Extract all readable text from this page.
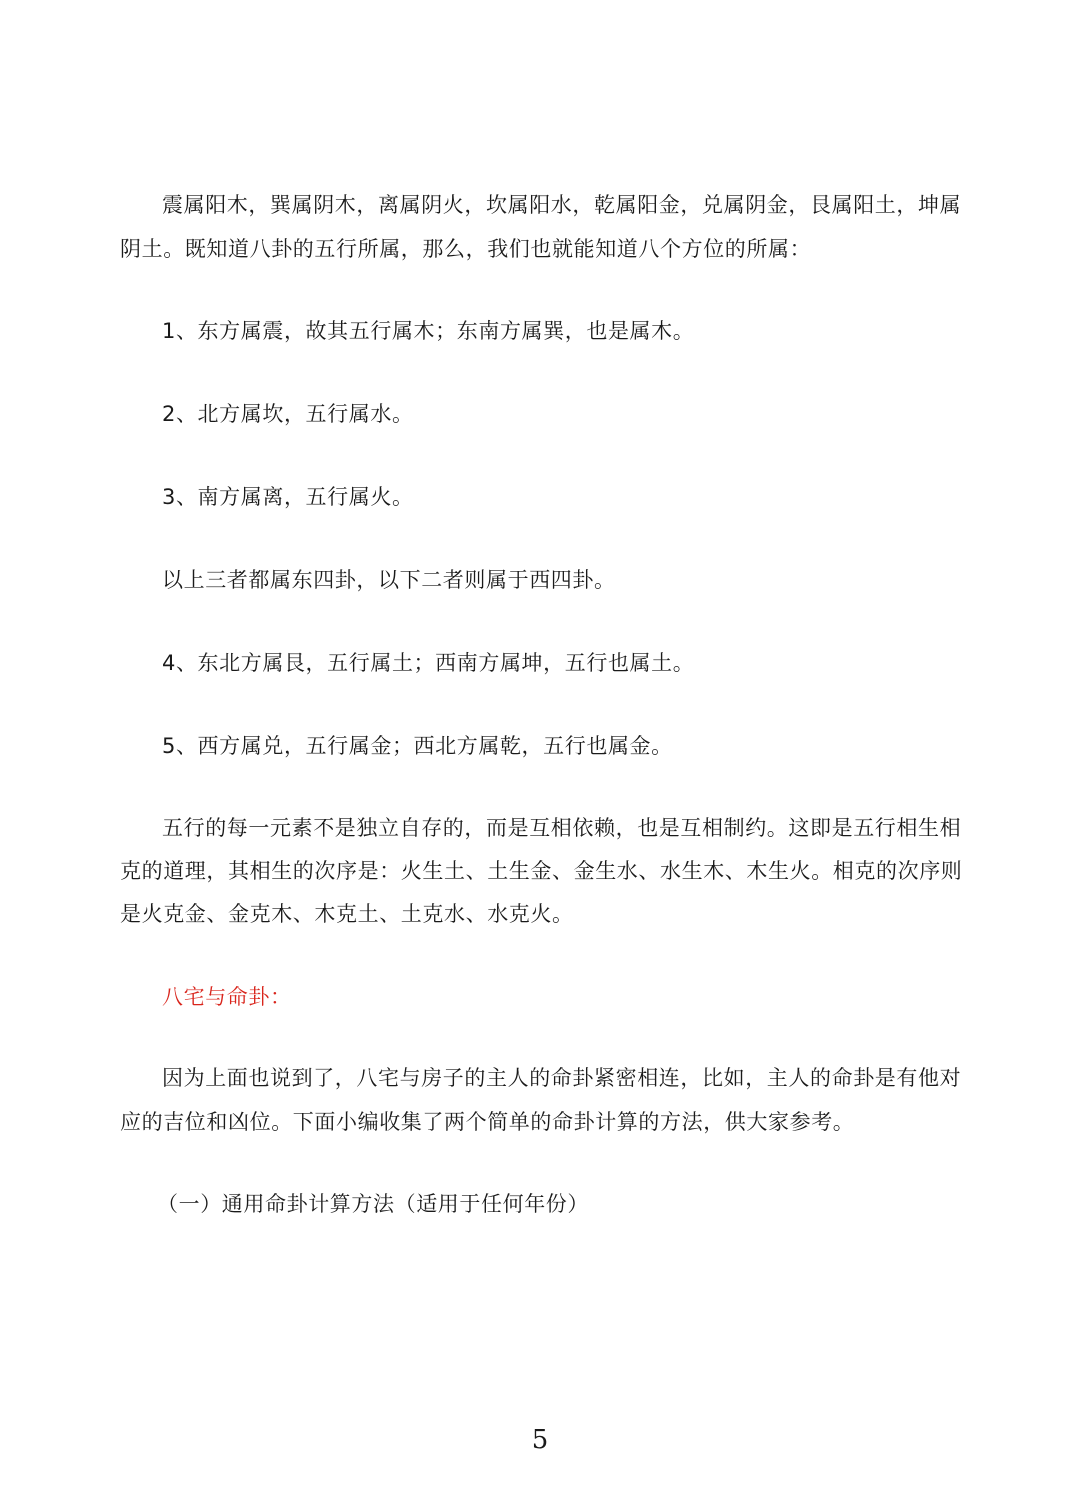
震属阳木，巽属阴木，离属阴火，坎属阳水，乾属阳金，兑属阴金，艮属阳土，坤属
阴土。既知道八卦的五行所属，那么，我们也就能知道八个方位的所属：
1、东方属震，故其五行属木；东南方属巽，也是属木。
2、北方属坎，五行属水。
3、南方属离，五行属火。
以上三者都属东四卦，以下二者则属于西四卦。
4、东北方属艮，五行属土；西南方属坤，五行也属土。
5、西方属兑，五行属金；西北方属乾，五行也属金。
五行的每一元素不是独立自存的，而是互相依赖，也是互相制约。这即是五行相生相
克的道理，其相生的次序是：火生土、土生金、金生水、水生木、木生火。相克的次序则
是火克金、金克木、木克土、土克水、水克火。
八宅与命卦：
因为上面也说到了，八宅与房子的主人的命卦紧密相连，比如，主人的命卦是有他对
应的吉位和凶位。下面小编收集了两个简单的命卦计算的方法，供大家参考。
（一）通用命卦计算方法（适用于任何年份）
5
